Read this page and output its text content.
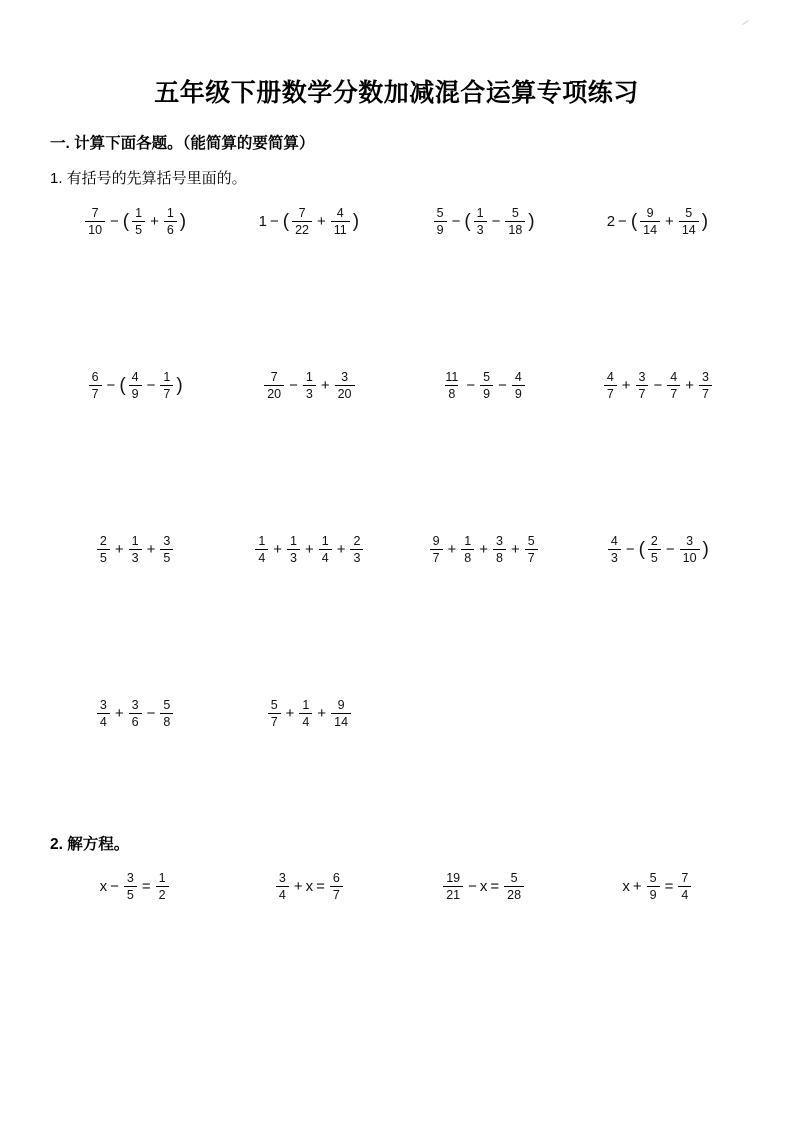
五年级下册数学分数加减混合运算专项练习
一. 计算下面各题。（能简算的要简算）
1. 有括号的先算括号里面的。
$\frac{7}{10}$ − ( $\frac{1}{5} + \frac{1}{6}$ )	1 − ( $\frac{7}{22} + \frac{4}{11}$ )	$\frac{5}{9}$ − ( $\frac{1}{3} - \frac{5}{18}$ )	2 − ( $\frac{9}{14} + \frac{5}{14}$ )
$\frac{6}{7}$ − ( $\frac{4}{9} - \frac{1}{7}$ )	$\frac{7}{20} - \frac{1}{3} + \frac{3}{20}$	$\frac{11}{8} - \frac{5}{9} - \frac{4}{9}$	$\frac{4}{7} + \frac{3}{7} - \frac{4}{7} + \frac{3}{7}$
$\frac{2}{5} + \frac{1}{3} + \frac{3}{5}$	$\frac{1}{4} + \frac{1}{3} + \frac{1}{4} + \frac{2}{3}$	$\frac{9}{7} + \frac{1}{8} + \frac{3}{8} + \frac{5}{7}$	$\frac{4}{3}$ − ( $\frac{2}{5} - \frac{3}{10}$ )
$\frac{3}{4} + \frac{3}{6} - \frac{5}{8}$	$\frac{5}{7} + \frac{1}{4} + \frac{9}{14}$
2. 解方程。
$x - \frac{3}{5} = \frac{1}{2}$	$\frac{3}{4} + x = \frac{6}{7}$	$\frac{19}{21} - x = \frac{5}{28}$	$x + \frac{5}{9} = \frac{7}{4}$
